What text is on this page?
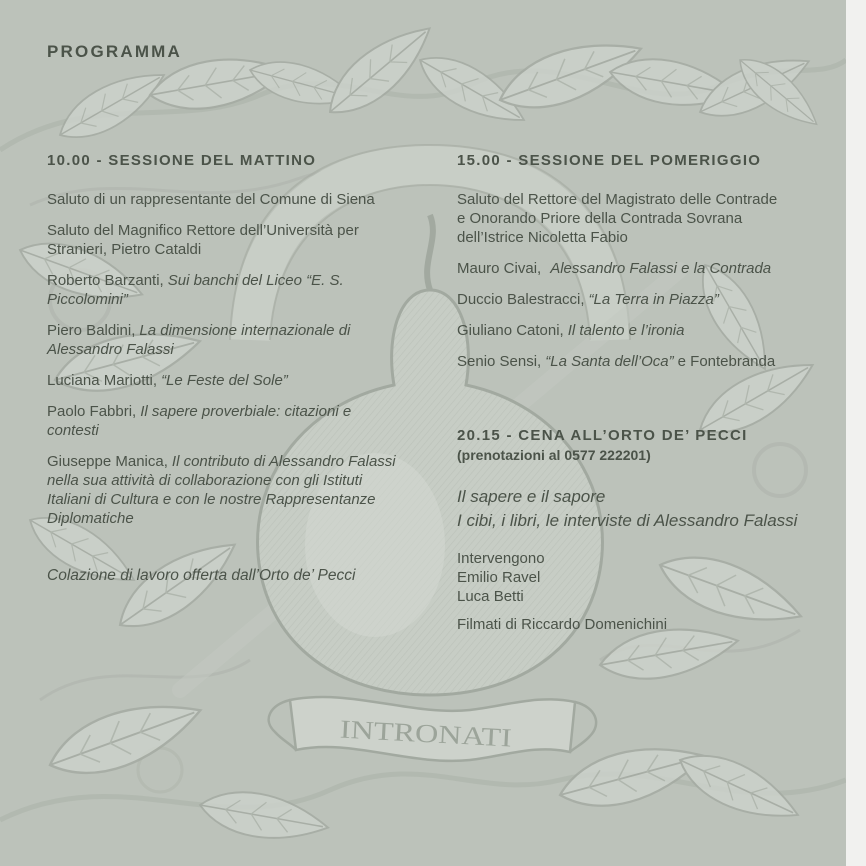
INTRONATI
PROGRAMMA
10.00 - SESSIONE DEL MATTINO
Saluto di un rappresentante del Comune di Siena
Saluto del Magnifico Rettore dell’Università per
Stranieri, Pietro Cataldi
Roberto Barzanti, Sui banchi del Liceo “E. S.
Piccolomini”
Piero Baldini, La dimensione internazionale di
Alessandro Falassi
Luciana Mariotti, “Le Feste del Sole”
Paolo Fabbri, Il sapere proverbiale: citazioni e
contesti
Giuseppe Manica, Il contributo di Alessandro Falassi
nella sua attività di collaborazione con gli Istituti
Italiani di Cultura e con le nostre Rappresentanze
Diplomatiche
Colazione di lavoro offerta dall’Orto de’ Pecci
15.00 - SESSIONE DEL POMERIGGIO
Saluto del Rettore del Magistrato delle Contrade
e Onorando Priore della Contrada Sovrana
dell’Istrice Nicoletta Fabio
Mauro Civai, Alessandro Falassi e la Contrada
Duccio Balestracci, “La Terra in Piazza”
Giuliano Catoni, Il talento e l’ironia
Senio Sensi, “La Santa dell’Oca” e Fontebranda
20.15 - CENA ALL’ORTO DE’ PECCI
(prenotazioni al 0577 222201)
Il sapere e il sapore
I cibi, i libri, le interviste di Alessandro Falassi
Intervengono
Emilio Ravel
Luca Betti
Filmati di Riccardo Domenichini
